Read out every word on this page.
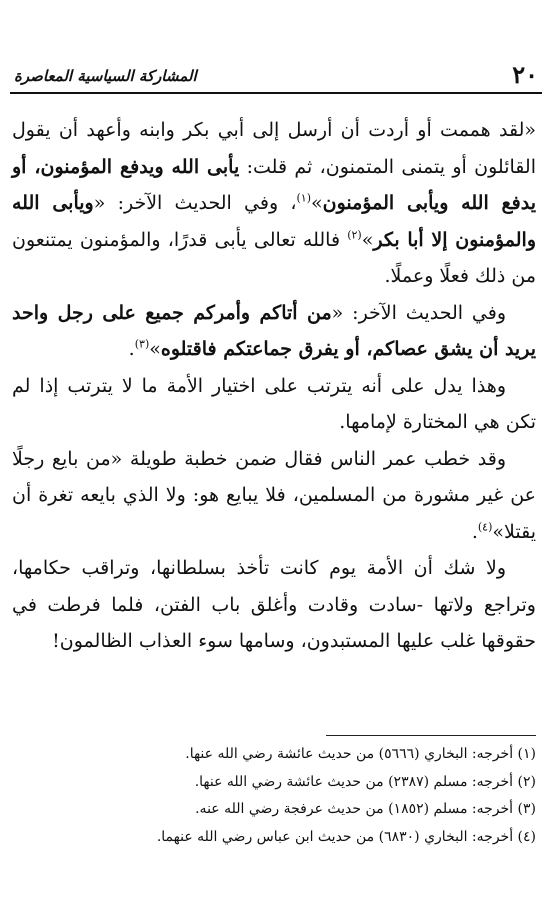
٢٠
المشاركة السياسية المعاصرة

«لقد هممت أو أردت أن أرسل إلى أبي بكر وابنه وأعهد أن يقول القائلون أو يتمنى المتمنون، ثم قلت: يأبى الله ويدفع المؤمنون، أو يدفع الله ويأبى المؤمنون»$^{(١)}$، وفي الحديث الآخر: «ويأبى الله والمؤمنون إلا أبا بكر»$^{(٢)}$ فالله تعالى يأبى قدرًا، والمؤمنون يمتنعون من ذلك فعلًا وعملًا.

وفي الحديث الآخر: «من أتاكم وأمركم جميع على رجل واحد يريد أن يشق عصاكم، أو يفرق جماعتكم فاقتلوه»$^{(٣)}$.

وهذا يدل على أنه يترتب على اختيار الأمة ما لا يترتب إذا لم تكن هي المختارة لإمامها.

وقد خطب عمر الناس فقال ضمن خطبة طويلة «من بايع رجلًا عن غير مشورة من المسلمين، فلا يبايع هو: ولا الذي بايعه تغرة أن يقتلا»$^{(٤)}$.

ولا شك أن الأمة يوم كانت تأخذ بسلطانها، وتراقب حكامها، وتراجع ولاتها -سادت وقادت وأغلق باب الفتن، فلما فرطت في حقوقها غلب عليها المستبدون، وسامها سوء العذاب الظالمون!

(١) أخرجه: البخاري (٥٦٦٦) من حديث عائشة رضي الله عنها.

(٢) أخرجه: مسلم (٢٣٨٧) من حديث عائشة رضي الله عنها.

(٣) أخرجه: مسلم (١٨٥٢) من حديث عرفجة رضي الله عنه.

(٤) أخرجه: البخاري (٦٨٣٠) من حديث ابن عباس رضي الله عنهما.
